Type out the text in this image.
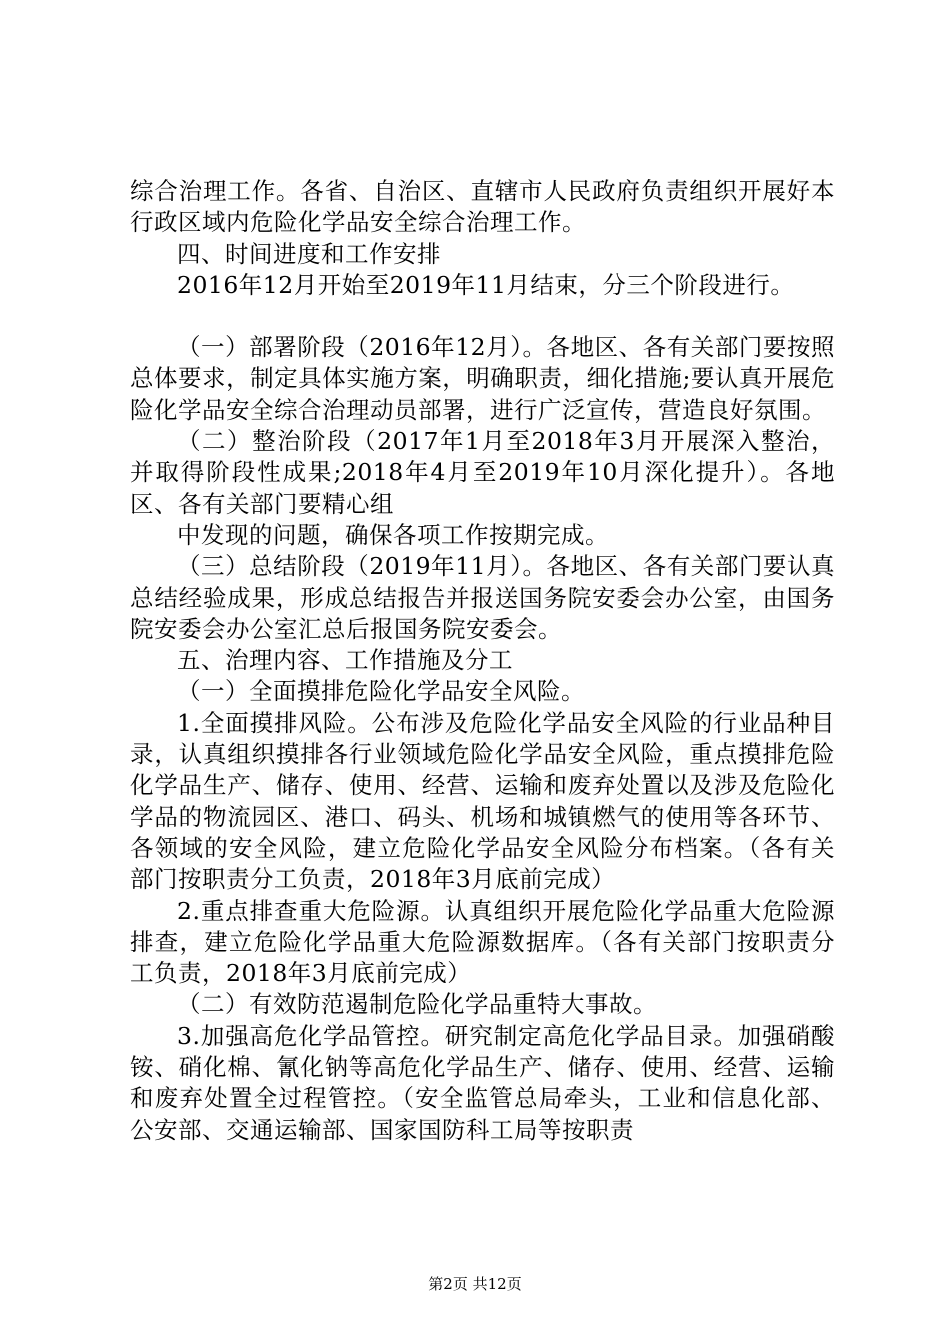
综合治理工作。各省、自治区、直辖市人民政府负责组织开展好本行政区域内危险化学品安全综合治理工作。

四、时间进度和工作安排

2016年12月开始至2019年11月结束，分三个阶段进行。

（一）部署阶段（2016年12月）。各地区、各有关部门要按照总体要求，制定具体实施方案，明确职责，细化措施;要认真开展危险化学品安全综合治理动员部署，进行广泛宣传，营造良好氛围。

（二）整治阶段（2017年1月至2018年3月开展深入整治，并取得阶段性成果;2018年4月至2019年10月深化提升）。各地区、各有关部门要精心组

中发现的问题，确保各项工作按期完成。

（三）总结阶段（2019年11月）。各地区、各有关部门要认真总结经验成果，形成总结报告并报送国务院安委会办公室，由国务院安委会办公室汇总后报国务院安委会。

五、治理内容、工作措施及分工

（一）全面摸排危险化学品安全风险。

1.全面摸排风险。公布涉及危险化学品安全风险的行业品种目录，认真组织摸排各行业领域危险化学品安全风险，重点摸排危险化学品生产、储存、使用、经营、运输和废弃处置以及涉及危险化学品的物流园区、港口、码头、机场和城镇燃气的使用等各环节、各领域的安全风险，建立危险化学品安全风险分布档案。（各有关部门按职责分工负责，2018年3月底前完成）

2.重点排查重大危险源。认真组织开展危险化学品重大危险源排查，建立危险化学品重大危险源数据库。（各有关部门按职责分工负责，2018年3月底前完成）

（二）有效防范遏制危险化学品重特大事故。

3.加强高危化学品管控。研究制定高危化学品目录。加强硝酸铵、硝化棉、氰化钠等高危化学品生产、储存、使用、经营、运输和废弃处置全过程管控。（安全监管总局牵头，工业和信息化部、公安部、交通运输部、国家国防科工局等按职责

第2页 共12页
